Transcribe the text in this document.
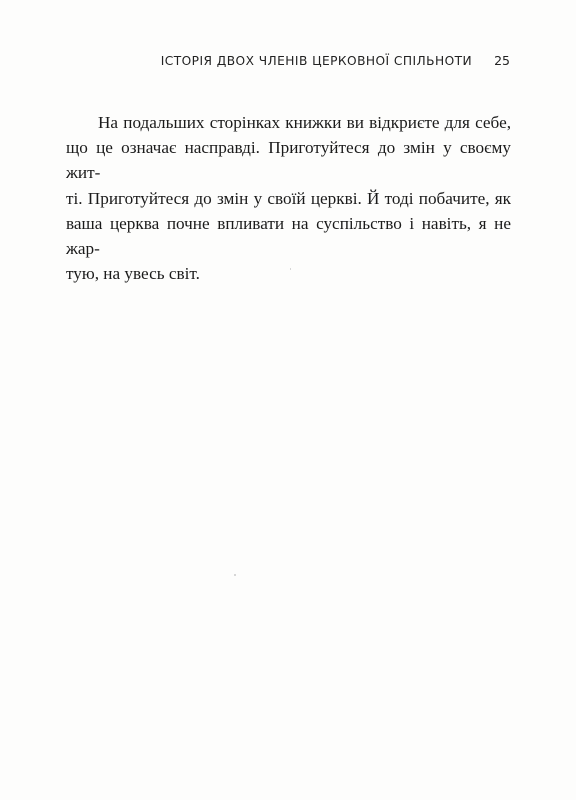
ІСТОРІЯ ДВОХ ЧЛЕНІВ ЦЕРКОВНОЇ СПІЛЬНОТИ 25
На подальших сторінках книжки ви відкриєте для себе,
що це означає насправді. Приготуйтеся до змін у своєму жит-
ті. Приготуйтеся до змін у своїй церкві. Й тоді побачите, як
ваша церква почне впливати на суспільство і навіть, я не жар-
тую, на увесь світ.
